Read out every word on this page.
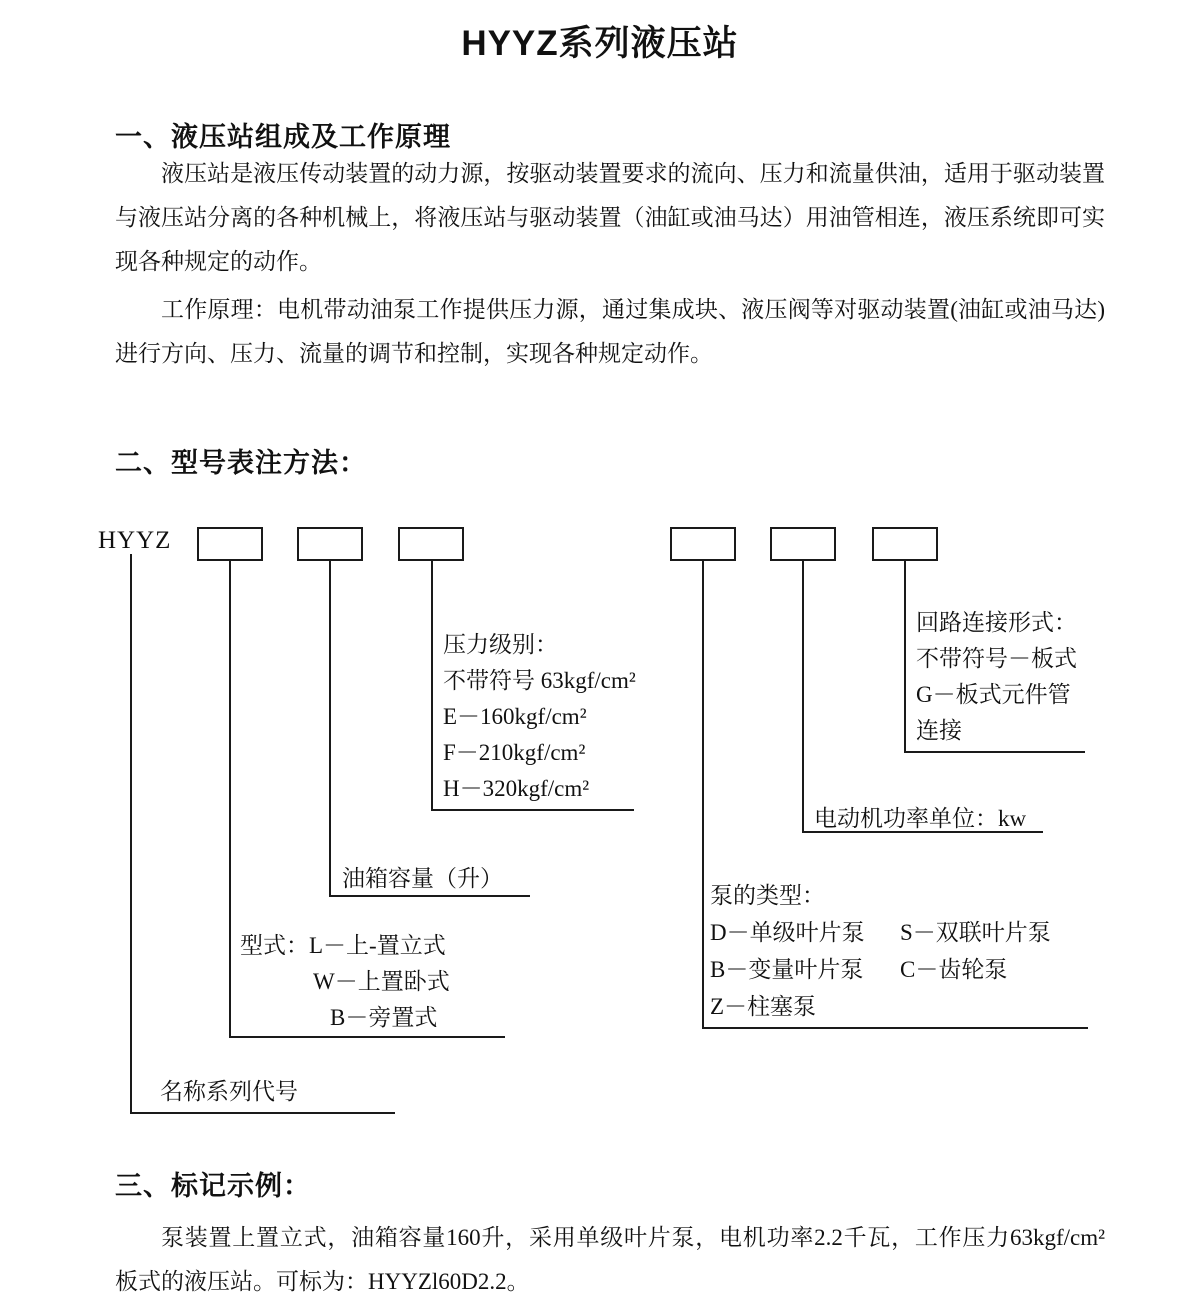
HYYZ系列液压站
一、液压站组成及工作原理
液压站是液压传动装置的动力源，按驱动装置要求的流向、压力和流量供油，适用于驱动装置与液压站分离的各种机械上，将液压站与驱动装置（油缸或油马达）用油管相连，液压系统即可实现各种规定的动作。
工作原理：电机带动油泵工作提供压力源，通过集成块、液压阀等对驱动装置(油缸或油马达)进行方向、压力、流量的调节和控制，实现各种规定动作。
二、型号表注方法：
HYYZ
回路连接形式：
不带符号－板式
G－板式元件管
连接
压力级别：
不带符号 63kgf/cm²
E－160kgf/cm²
F－210kgf/cm²
H－320kgf/cm²
电动机功率单位：kw
油箱容量（升）
泵的类型：
D－单级叶片泵	S－双联叶片泵
B－变量叶片泵	C－齿轮泵
Z－柱塞泵
型式：L－上-置立式
W－上置卧式
B－旁置式
名称系列代号
三、标记示例：
泵装置上置立式，油箱容量160升，采用单级叶片泵，电机功率2.2千瓦，工作压力63kgf/cm² 板式的液压站。可标为：HYYZl60D2.2。
